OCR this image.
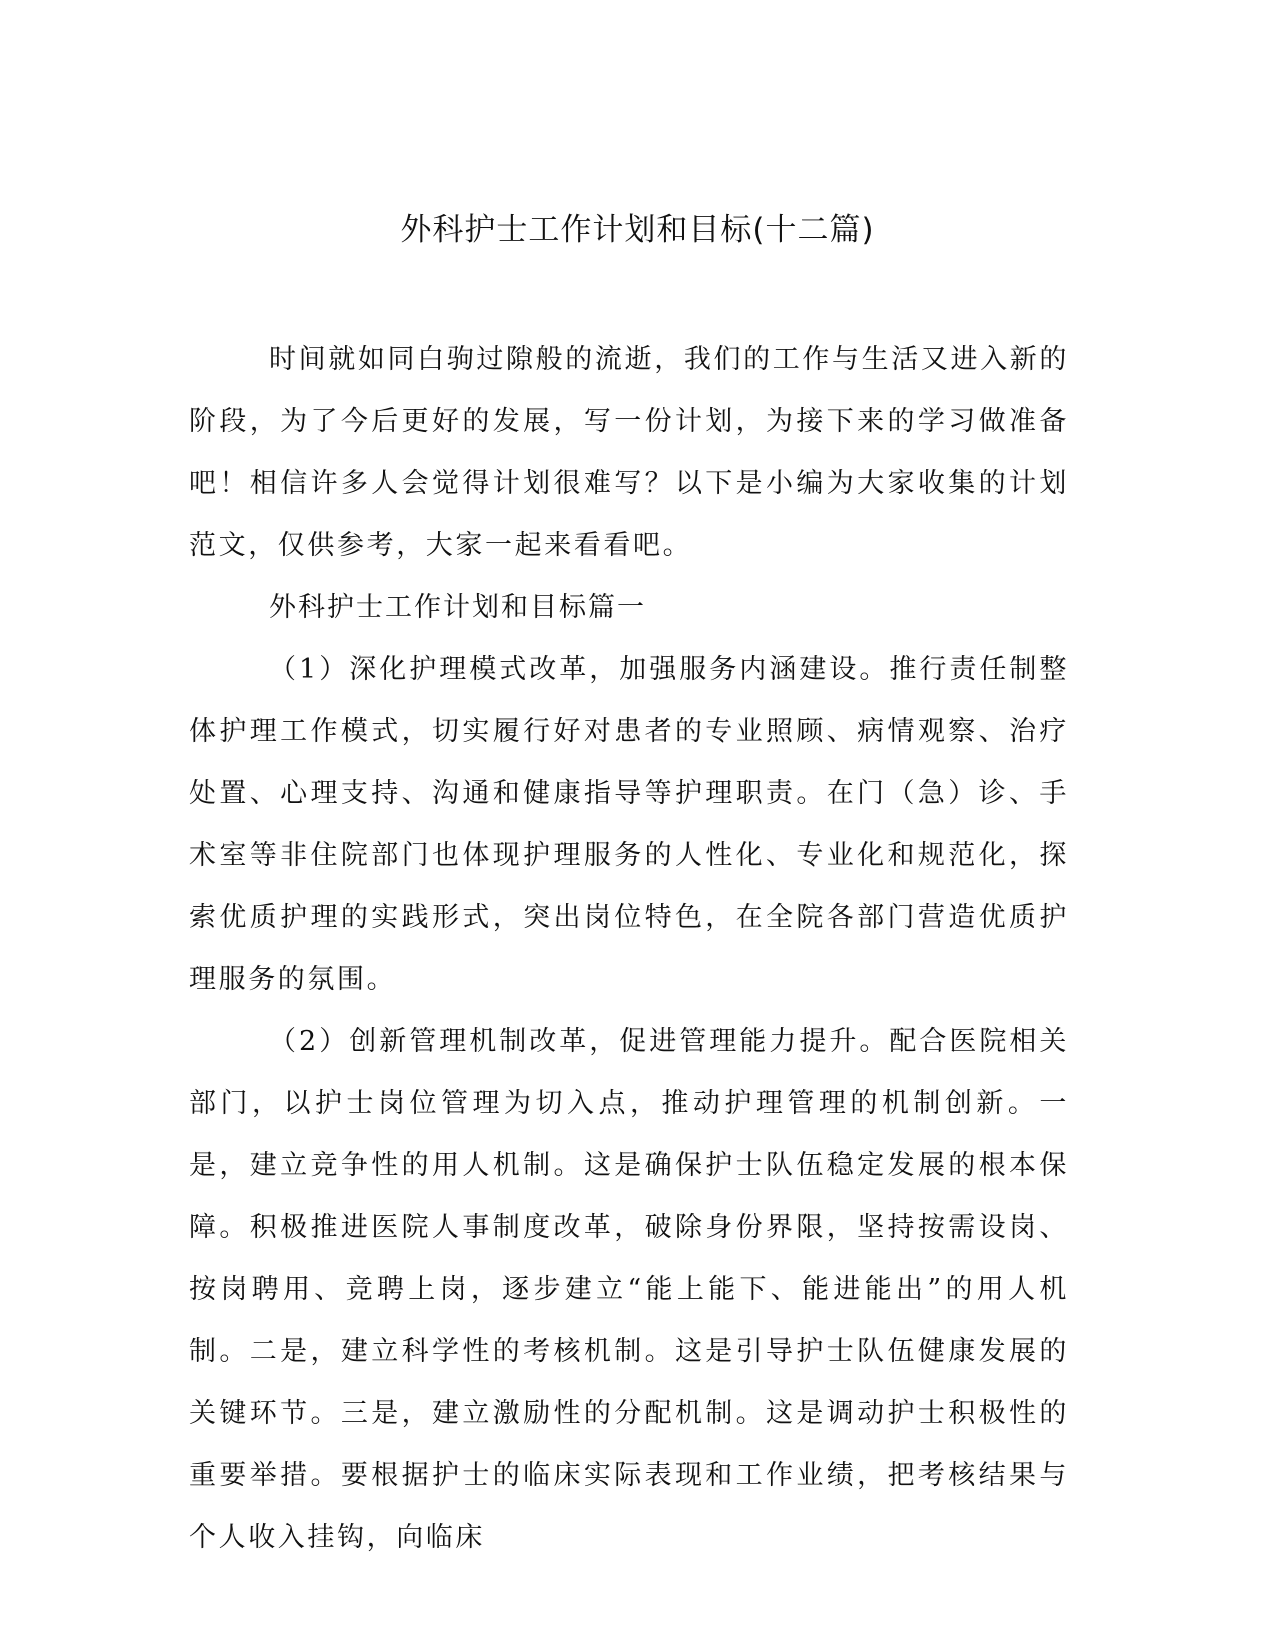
外科护士工作计划和目标(十二篇)

时间就如同白驹过隙般的流逝，我们的工作与生活又进入新的阶段，为了今后更好的发展，写一份计划，为接下来的学习做准备吧！相信许多人会觉得计划很难写？以下是小编为大家收集的计划范文，仅供参考，大家一起来看看吧。

外科护士工作计划和目标篇一

（1）深化护理模式改革，加强服务内涵建设。推行责任制整体护理工作模式，切实履行好对患者的专业照顾、病情观察、治疗处置、心理支持、沟通和健康指导等护理职责。在门（急）诊、手术室等非住院部门也体现护理服务的人性化、专业化和规范化，探索优质护理的实践形式，突出岗位特色，在全院各部门营造优质护理服务的氛围。

（2）创新管理机制改革，促进管理能力提升。配合医院相关部门，以护士岗位管理为切入点，推动护理管理的机制创新。一是，建立竞争性的用人机制。这是确保护士队伍稳定发展的根本保障。积极推进医院人事制度改革，破除身份界限，坚持按需设岗、按岗聘用、竞聘上岗，逐步建立“能上能下、能进能出”的用人机制。二是，建立科学性的考核机制。这是引导护士队伍健康发展的关键环节。三是，建立激励性的分配机制。这是调动护士积极性的重要举措。要根据护士的临床实际表现和工作业绩，把考核结果与个人收入挂钩，向临床
